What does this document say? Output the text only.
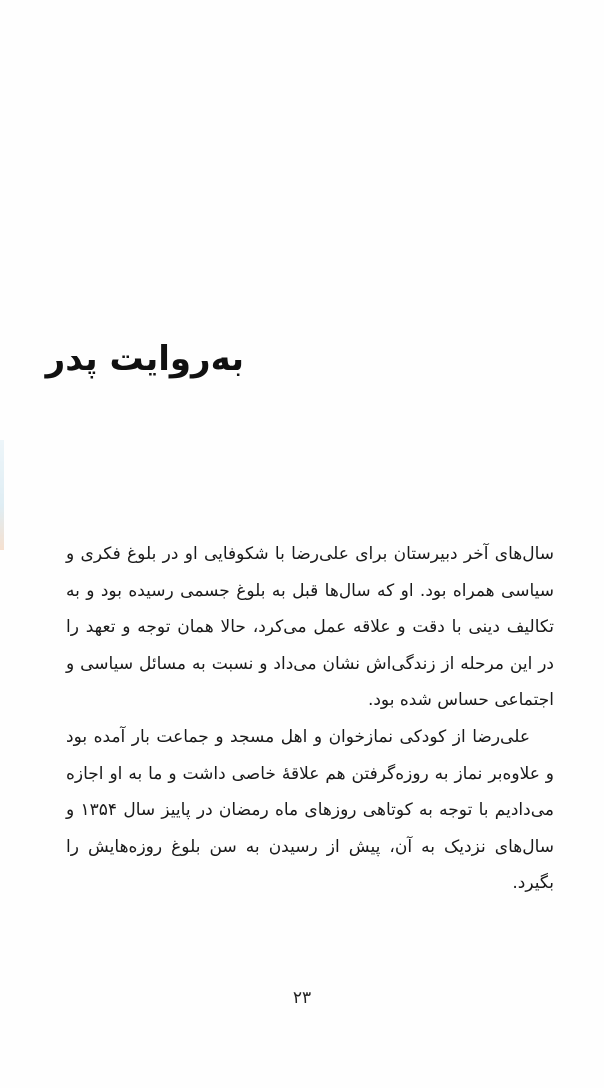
به‌روایت پدر

سال‌های آخر دبیرستان برای علی‌رضا با شکوفایی او در بلوغ فکری و سیاسی همراه بود. او که سال‌ها قبل به بلوغ جسمی رسیده بود و به تکالیف دینی با دقت و علاقه عمل می‌کرد، حالا همان توجه و تعهد را در این مرحله از زندگی‌اش نشان می‌داد و نسبت به مسائل سیاسی و اجتماعی حساس شده بود.

علی‌رضا از کودکی نمازخوان و اهل مسجد و جماعت بار آمده بود و علاوه‌بر نماز به روزه‌گرفتن هم علاقهٔ خاصی داشت و ما به او اجازه می‌دادیم با توجه به کوتاهی روزهای ماه رمضان در پاییز سال ۱۳۵۴ و سال‌های نزدیک به آن، پیش از رسیدن به سن بلوغ روزه‌هایش را بگیرد.

۲۳
